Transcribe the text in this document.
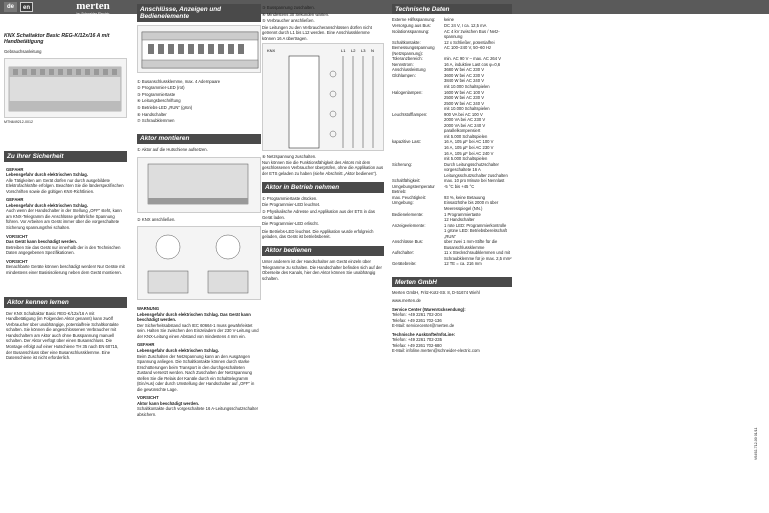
de	en	merten
by Schneider Electric
KNX Schaltaktor Basic REG-K/12x/16 A mit Handbetätigung
Gebrauchsanleitung
MTN649212-0012
Zu Ihrer Sicherheit
GEFAHR
Lebensgefahr durch elektrischen Schlag.
Alle Tätigkeiten am Gerät dürfen nur durch ausgebildete Elektrofachkräfte erfolgen. Beachten Sie die länderspezifischen Vorschriften sowie die gültigen KNX-Richtlinien.
GEFAHR
Lebensgefahr durch elektrischen Schlag.
Auch wenn der Handschalter in der Stellung „OFF“ steht, kann am KNX-Telegramm die Anschlüsse gefährliche Spannung führen. Vor Arbeiten am Gerät immer über die vorgeschaltete Sicherung spannungsfrei schalten.
VORSICHT
Das Gerät kann beschädigt werden.
Betreiben Sie das Gerät nur innerhalb der in den Technischen Daten angegebenen Spezifikationen.
VORSICHT
Benachbarte Geräte können beschädigt werden! Nur Geräte mit mindestens einer Basisisolierung neben dem Gerät montieren.
Aktor kennen lernen
Der KNX Schaltaktor Basic REG-K/12x/16 A mit Handbetätigung (im Folgenden Aktor genannt) kann zwölf Verbraucher über unabhängige, potentialfreie Schaltkontakte schalten. Sie können die angeschlossenen Verbraucher mit Handschaltern am Aktor auch ohne Busspannung manuell schalten. Der Aktor verfügt über einen Busanschluss. Die Montage erfolgt auf einer Hutschiene TH 35 nach EN 60715, der Busanschluss über eine Busanschlussklemme. Eine Datenschiene ist nicht erforderlich.
Anschlüsse, Anzeigen und Bedienelemente
① Busanschlussklemme, max. 4 Adernpaare
② Programmier-LED (rot)
③ Programmiertaste
④ Leitungsbeschriftung
⑤ Betriebs-LED „RUN“ (grün)
⑥ Handschalter
⑦ Schraubklemmen
Aktor montieren
① Aktor auf die Hutschiene aufsetzen.
② KNX anschließen.
WARNUNG
Lebensgefahr durch elektrischen Schlag. Das Gerät kann beschädigt werden.
Der Sicherheitsabstand nach IEC 60664-1 muss gewährleistet sein. Halten Sie zwischen den Einzeladern der 230 V-Leitung und der KNX-Leitung einen Abstand von mindestens 4 mm ein.
GEFAHR
Lebensgefahr durch elektrischen Schlag.
Beim Zuschalten der Netzspannung kann an den Ausgängen Spannung anliegen. Die Schaltkontakte können durch starke Erschütterungen beim Transport in den durchgeschalteten Zustand versetzt werden. Nach Zuschalten der Netzspannung stellen Sie die Relais der Kanäle durch ein Schalttelegramm (Ein/Aus) oder durch Umstellung der Handschalter auf „OFF“ in die gewünschte Lage.
VORSICHT
Aktor kann beschädigt werden.
Schaltkontakte durch vorgeschaltete 16 A-Leitungsschutzschalter absichern.
③ Busspannung zuschalten.
④ Mindestens 30 Sekunden warten.
⑤ Verbraucher anschließen.

Die Leitungen zu den Verbraucheranschlüssen dürfen nicht getrennt durch L1 bis L12 werden. Eine Anschlussklemme können 16 A übertragen.

KNX	L1 L2 L3 N
⑥ Netzspannung zuschalten.

Nun können Sie die Funktionsfähigkeit des Aktors mit dem geschlossenen Verbraucher überprüfen, ohne die Applikation aus der ETS geladen zu haben (siehe Abschnitt „Aktor bedienen“).

Aktor in Betrieb nehmen
① Programmiertaste drücken.
Die Programmier-LED leuchtet.
② Physikalische Adresse und Applikation aus der ETS in das Gerät laden.

Die Programmier-LED erlischt.

Die Betriebs-LED leuchtet. Die Applikation wurde erfolgreich geladen, das Gerät ist betriebsbereit.

Aktor bedienen

Unter anderem ist der Handschalter am Gerät einzeln über Telegramme zu schalten. Die Handschalter befinden sich auf der Oberseite des Kanals, hier den Aktor können Sie unabhängig schalten.

Technische Daten
Externe Hilfsspannung:	keine
Versorgung aus Bus:	DC 24 V, I ca. 12,5 mA
Isolationsspannung:	AC 4 kV zwischen Bus / Netz-
spannung
Schaltkontakte:	12 x Schließer, potentialfrei
Bemessungsspannung (Netzspannung):
AC 100–240 V, 50–60 Hz
Toleranzbereich:	min. AC 90 V – max. AC 264 V
Nennstrom:	16 A, induktive Last cos φ=0,6
Anschlussleistung Glühlampen:
3680 W bei AC 230 V
3600 W bei AC 230 V
3840 W bei AC 240 V
mit 10.000 Schaltspielen
Halogenlampen:	1600 W bei AC 100 V
2500 W bei AC 230 V
2500 W bei AC 240 V
mit 10.000 Schaltspielen
Leuchtstofflampen:	900 VA bei AC 100 V
2000 VA bei AC 230 V
2000 VA bei AC 240 V
parallelkompensiert
mit 5.000 Schaltspielen
kapazitive Last:	16 A, 105 µF bei AC 100 V
16 A, 105 µF bei AC 230 V
16 A, 105 µF bei AC 240 V
mit 5.000 Schaltspielen
Sicherung:	Durch Leitungsschutzschalter vorgeschaltete 16 A Leitungsschutzschalter zuschalten
Schaltfähigkeit:	max. 10 pro Minute bei Nennlast
Umgebungstemperatur Betrieb:
-5 °C bis +45 °C
max. Feuchtigkeit:	93 %, keine Betauung
Umgebung:	Einsatzhöhe bis 2000 m über Meeresspiegel (NN.)
Bedienelemente:	1 Programmiertaste
12 Handschalter
Anzeigeelemente:	1 rote LED: Programmierkontrolle
1 grüne LED: Betriebsbereitschaft „RUN“
Anschlüsse Bus:	über zwei 1 mm-Stifte für die Busanschlussklemme
Aufschalter:	11 x Steckschraubklemmen und mit Schraubklemme für je max. 2,5 mm²
Gerätebreite:	12 TE = ca. 216 mm
Merten GmbH
Merten GmbH, Fritz-Kotz-Str. 8, D-51674 Wiehl
www.merten.de
Service Center (Warenrücksendung):
Telefon: +49 2261 702-204
Telefax: +49 2261 702-136
E-Mail: servicecenter@merten.de
Technische Auskünfte/InfoLine:
Telefon: +49 2261 702-235
Telefax: +49 2261 702-680
E-Mail: infoline.merten@schneider-electric.com
V6492-712-00 01/11
